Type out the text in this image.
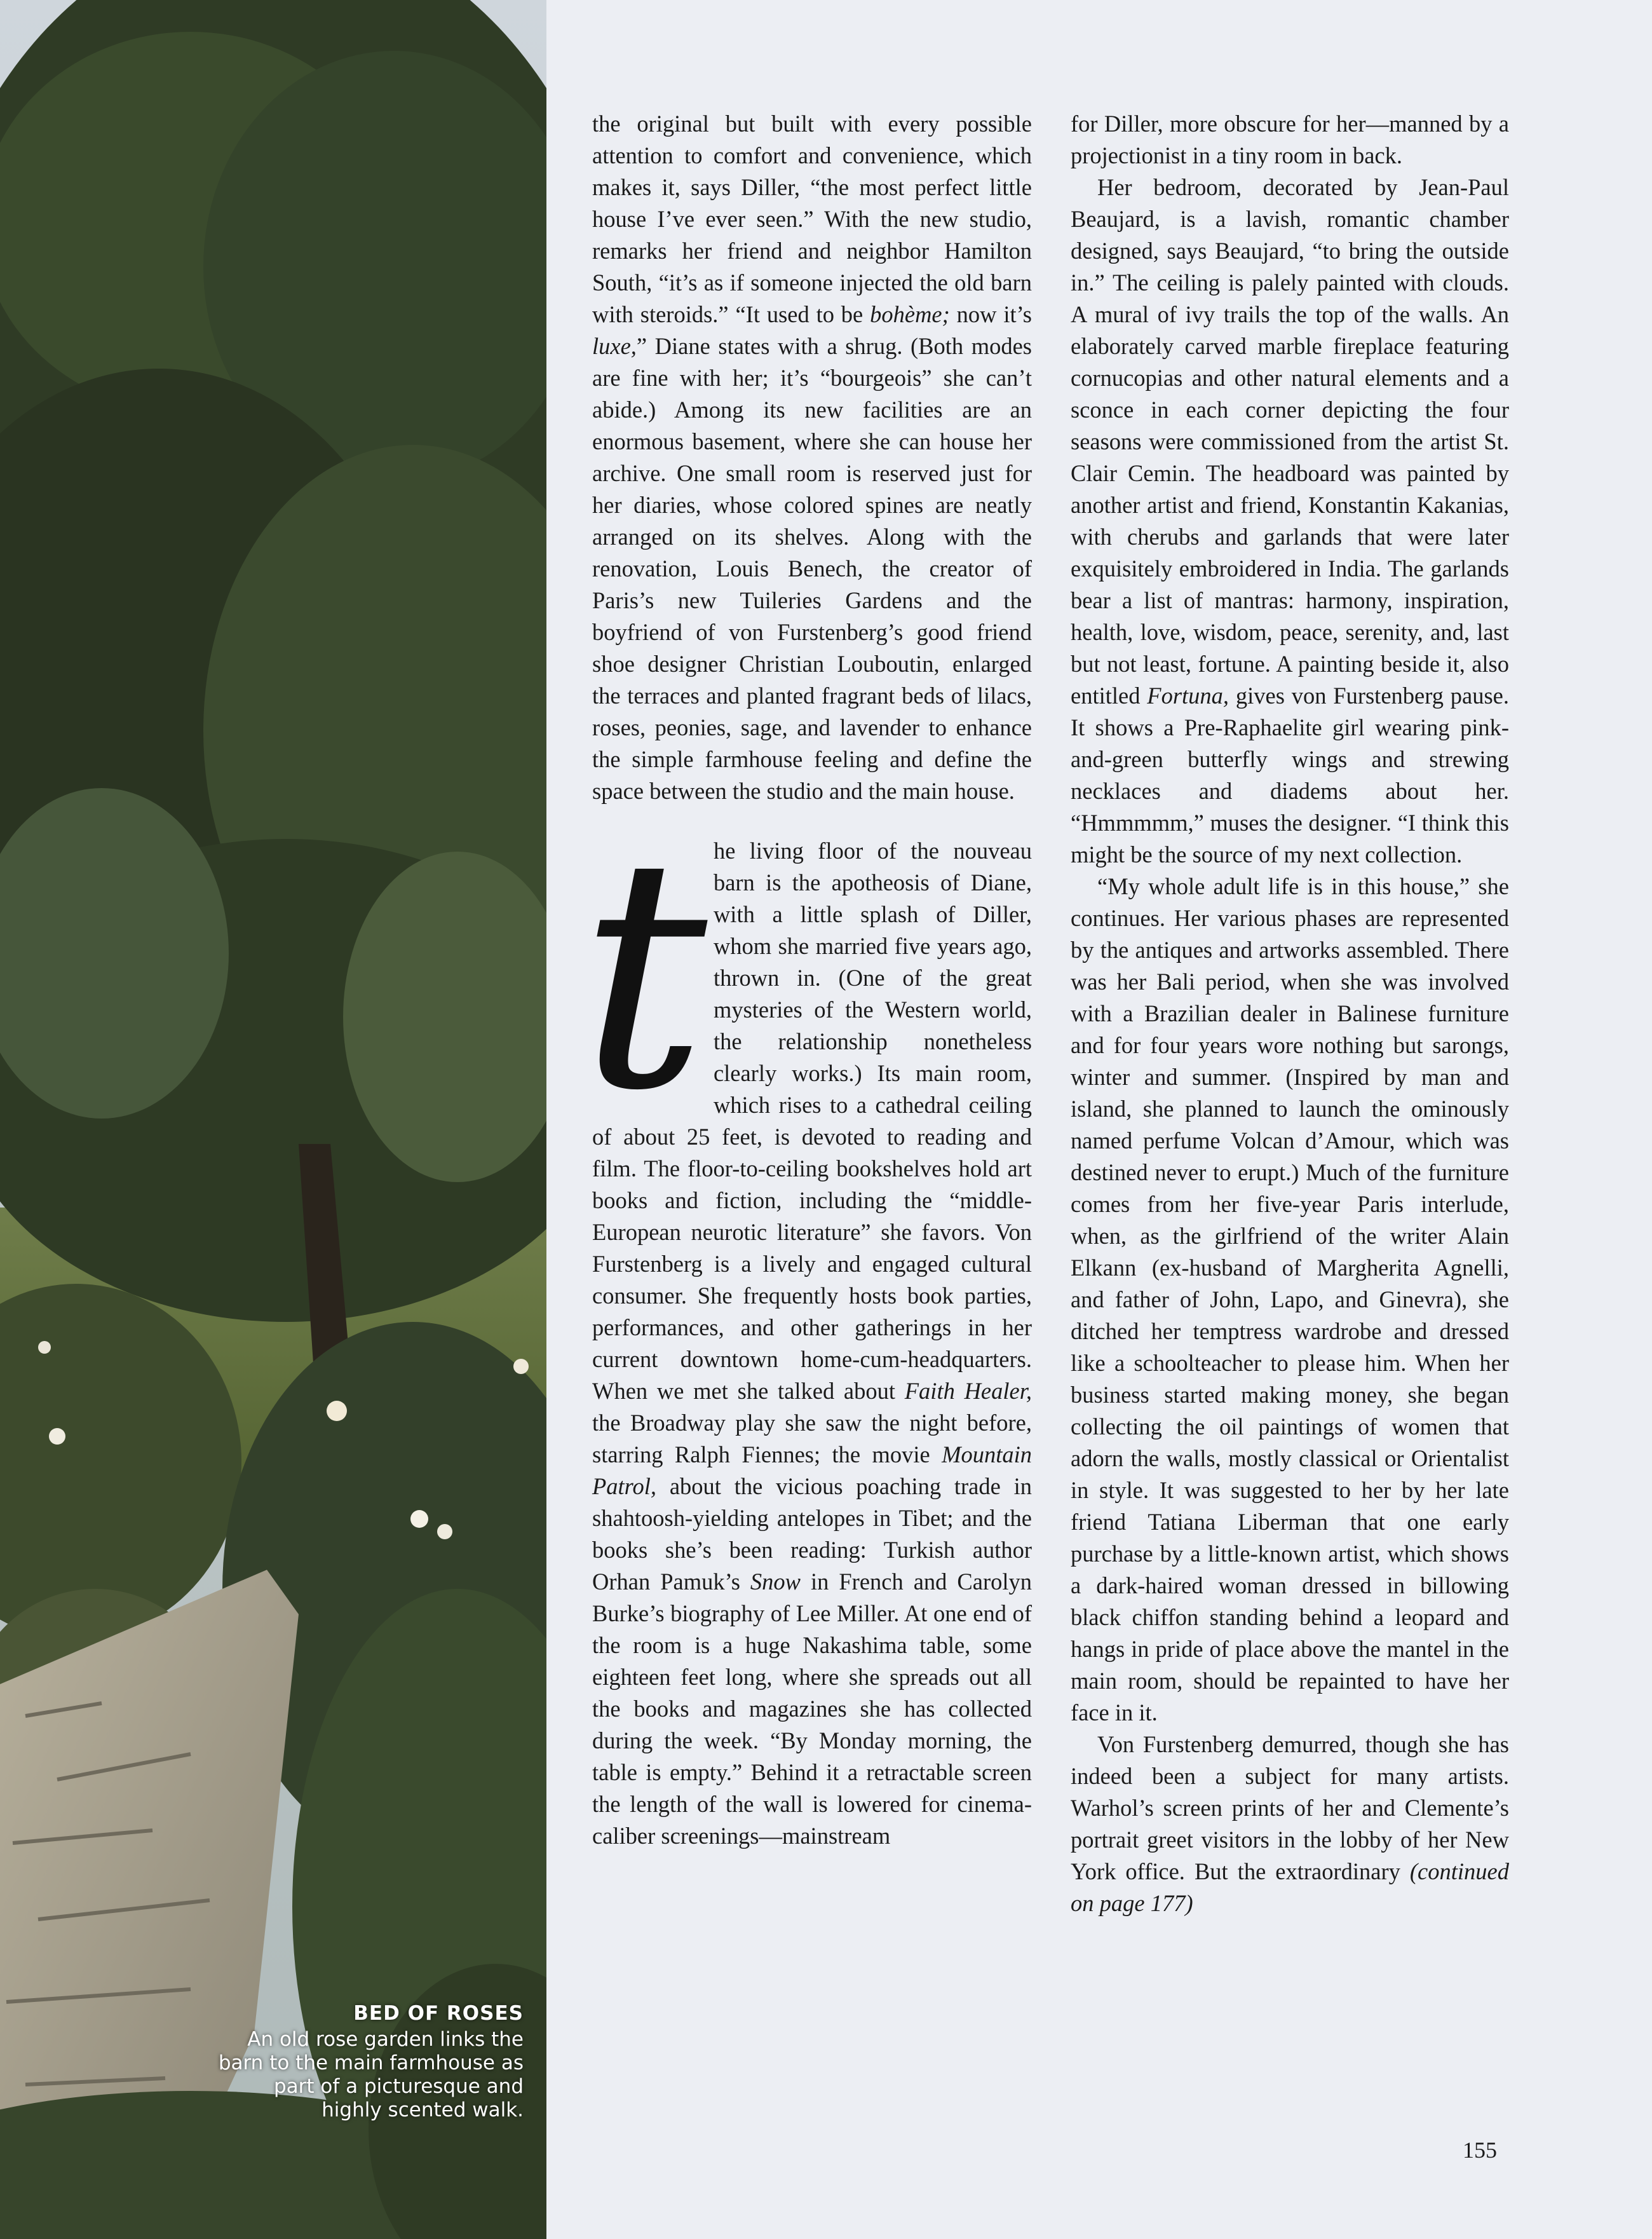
BED OF ROSES
An old rose garden links the barn to the main farmhouse as part of a picturesque and highly scented walk.

the original but built with every possible attention to comfort and convenience, which makes it, says Diller, “the most perfect little house I’ve ever seen.” With the new studio, remarks her friend and neighbor Hamilton South, “it’s as if someone injected the old barn with steroids.” “It used to be bohème; now it’s luxe,” Diane states with a shrug. (Both modes are fine with her; it’s “bourgeois” she can’t abide.) Among its new facilities are an enormous basement, where she can house her archive. One small room is reserved just for her diaries, whose colored spines are neatly arranged on its shelves. Along with the renovation, Louis Benech, the creator of Paris’s new Tuileries Gardens and the boyfriend of von Furstenberg’s good friend shoe designer Christian Louboutin, enlarged the terraces and planted fragrant beds of lilacs, roses, peonies, sage, and lavender to enhance the simple farmhouse feeling and define the space between the studio and the main house.

the living floor of the nouveau barn is the apotheosis of Diane, with a little splash of Diller, whom she married five years ago, thrown in. (One of the great mysteries of the Western world, the relationship nonetheless clearly works.) Its main room, which rises to a cathedral ceiling of about 25 feet, is devoted to reading and film. The floor-to-ceiling bookshelves hold art books and fiction, including the “middle-European neurotic literature” she favors. Von Furstenberg is a lively and engaged cultural consumer. She frequently hosts book parties, performances, and other gatherings in her current downtown home-cum-headquarters. When we met she talked about Faith Healer, the Broadway play she saw the night before, starring Ralph Fiennes; the movie Mountain Patrol, about the vicious poaching trade in shahtoosh-yielding antelopes in Tibet; and the books she’s been reading: Turkish author Orhan Pamuk’s Snow in French and Carolyn Burke’s biography of Lee Miller. At one end of the room is a huge Nakashima table, some eighteen feet long, where she spreads out all the books and magazines she has collected during the week. “By Monday morning, the table is empty.” Behind it a retractable screen the length of the wall is lowered for cinema-caliber screenings—mainstream

for Diller, more obscure for her—manned by a projectionist in a tiny room in back.

Her bedroom, decorated by Jean-Paul Beaujard, is a lavish, romantic chamber designed, says Beaujard, “to bring the outside in.” The ceiling is palely painted with clouds. A mural of ivy trails the top of the walls. An elaborately carved marble fireplace featuring cornucopias and other natural elements and a sconce in each corner depicting the four seasons were commissioned from the artist St. Clair Cemin. The headboard was painted by another artist and friend, Konstantin Kakanias, with cherubs and garlands that were later exquisitely embroidered in India. The garlands bear a list of mantras: harmony, inspiration, health, love, wisdom, peace, serenity, and, last but not least, fortune. A painting beside it, also entitled Fortuna, gives von Furstenberg pause. It shows a Pre-Raphaelite girl wearing pink-and-green butterfly wings and strewing necklaces and diadems about her. “Hmmmmm,” muses the designer. “I think this might be the source of my next collection.

“My whole adult life is in this house,” she continues. Her various phases are represented by the antiques and artworks assembled. There was her Bali period, when she was involved with a Brazilian dealer in Balinese furniture and for four years wore nothing but sarongs, winter and summer. (Inspired by man and island, she planned to launch the ominously named perfume Volcan d’Amour, which was destined never to erupt.) Much of the furniture comes from her five-year Paris interlude, when, as the girlfriend of the writer Alain Elkann (ex-husband of Margherita Agnelli, and father of John, Lapo, and Ginevra), she ditched her temptress wardrobe and dressed like a schoolteacher to please him. When her business started making money, she began collecting the oil paintings of women that adorn the walls, mostly classical or Orientalist in style. It was suggested to her by her late friend Tatiana Liberman that one early purchase by a little-known artist, which shows a dark-haired woman dressed in billowing black chiffon standing behind a leopard and hangs in pride of place above the mantel in the main room, should be repainted to have her face in it.

Von Furstenberg demurred, though she has indeed been a subject for many artists. Warhol’s screen prints of her and Clemente’s portrait greet visitors in the lobby of her New York office. But the extraordinary (continued on page 177)

155
